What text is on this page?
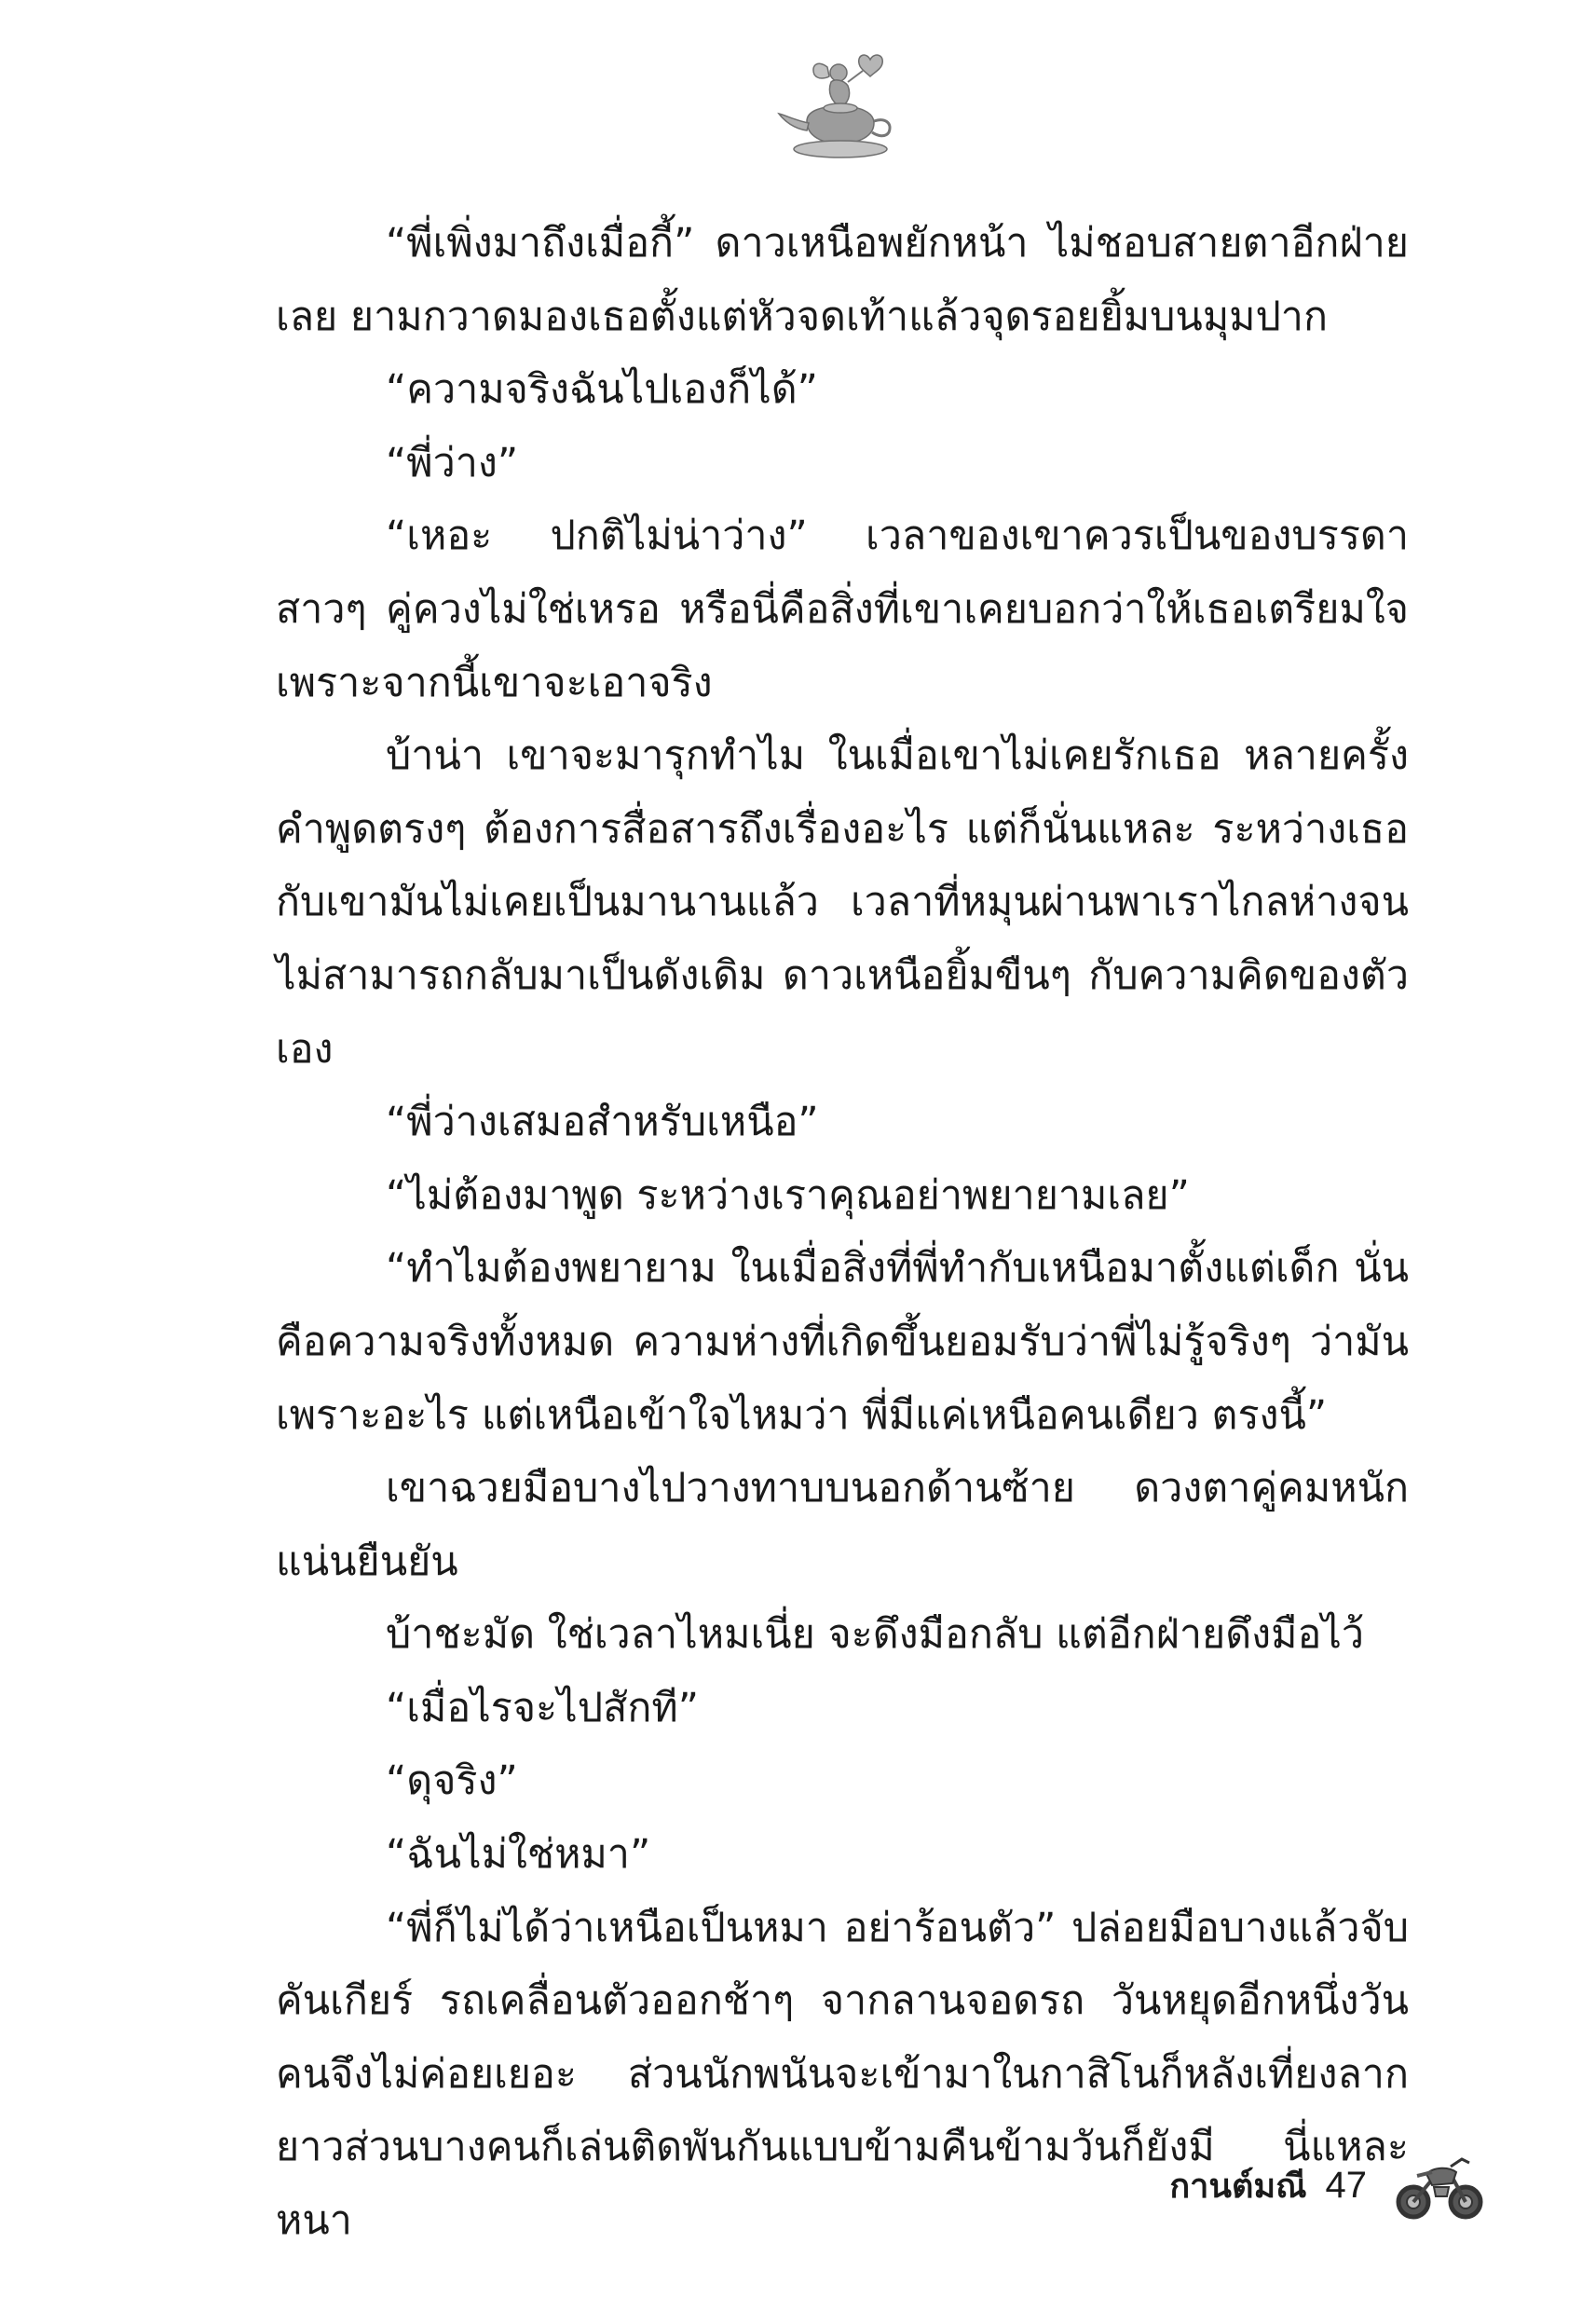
“พี่เพิ่งมาถึงเมื่อกี้” ดาวเหนือพยักหน้า ไม่ชอบสายตาอีกฝ่ายเลย ยามกวาดมองเธอตั้งแต่หัวจดเท้าแล้วจุดรอยยิ้มบนมุมปาก

“ความจริงฉันไปเองก็ได้”

“พี่ว่าง”

“เหอะ ปกติไม่น่าว่าง” เวลาของเขาควรเป็นของบรรดาสาวๆ คู่ควงไม่ใช่เหรอ หรือนี่คือสิ่งที่เขาเคยบอกว่าให้เธอเตรียมใจ เพราะจากนี้เขาจะเอาจริง

บ้าน่า เขาจะมารุกทำไม ในเมื่อเขาไม่เคยรักเธอ หลายครั้งคำพูดตรงๆ ต้องการสื่อสารถึงเรื่องอะไร แต่ก็นั่นแหละ ระหว่างเธอกับเขามันไม่เคยเป็นมานานแล้ว เวลาที่หมุนผ่านพาเราไกลห่างจนไม่สามารถกลับมาเป็นดังเดิม ดาวเหนือยิ้มขืนๆ กับความคิดของตัวเอง

“พี่ว่างเสมอสำหรับเหนือ”

“ไม่ต้องมาพูด ระหว่างเราคุณอย่าพยายามเลย”

“ทำไมต้องพยายาม ในเมื่อสิ่งที่พี่ทำกับเหนือมาตั้งแต่เด็ก นั่นคือความจริงทั้งหมด ความห่างที่เกิดขึ้นยอมรับว่าพี่ไม่รู้จริงๆ ว่ามันเพราะอะไร แต่เหนือเข้าใจไหมว่า พี่มีแค่เหนือคนเดียว ตรงนี้”

เขาฉวยมือบางไปวางทาบบนอกด้านซ้าย ดวงตาคู่คมหนักแน่นยืนยัน

บ้าชะมัด ใช่เวลาไหมเนี่ย จะดึงมือกลับ แต่อีกฝ่ายดึงมือไว้

“เมื่อไรจะไปสักที”

“ดุจริง”

“ฉันไม่ใช่หมา”

“พี่ก็ไม่ได้ว่าเหนือเป็นหมา อย่าร้อนตัว” ปล่อยมือบางแล้วจับคันเกียร์ รถเคลื่อนตัวออกช้าๆ จากลานจอดรถ วันหยุดอีกหนึ่งวันคนจึงไม่ค่อยเยอะ ส่วนนักพนันจะเข้ามาในกาสิโนก็หลังเที่ยงลากยาวส่วนบางคนก็เล่นติดพันกันแบบข้ามคืนข้ามวันก็ยังมี นี่แหละหนา

กานต์มณี 47
